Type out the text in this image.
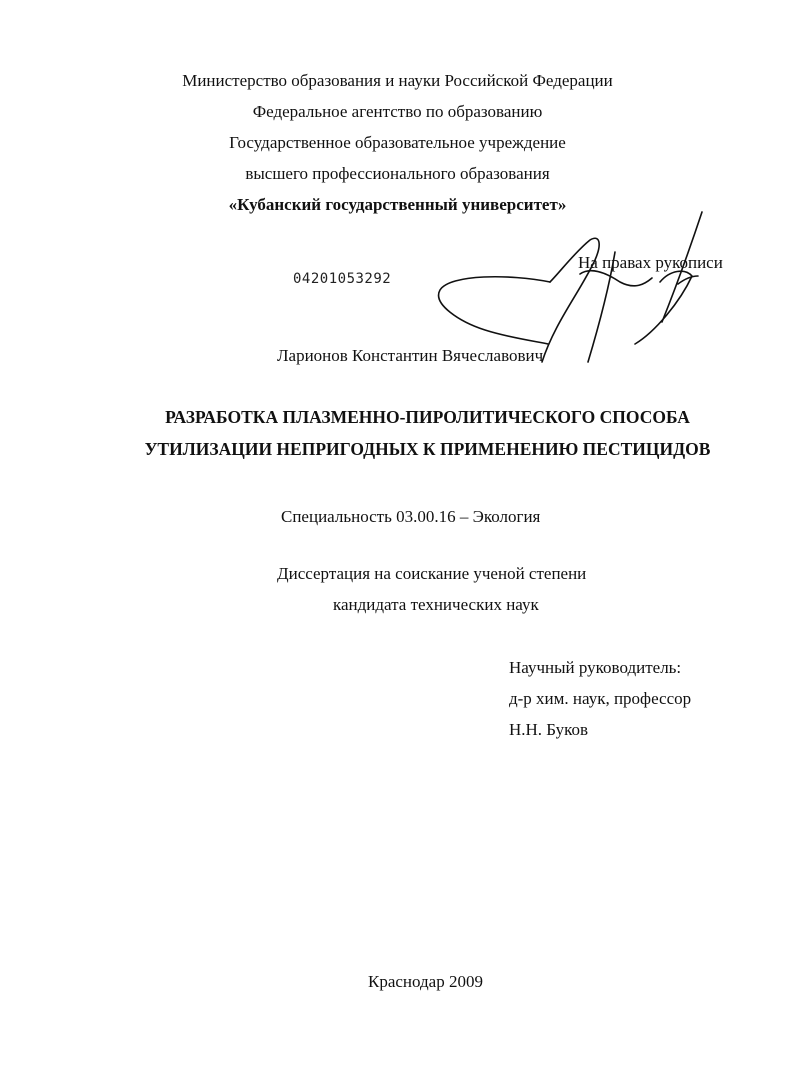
Министерство образования и науки Российской Федерации
Федеральное агентство по образованию
Государственное образовательное учреждение
высшего профессионального образования
«Кубанский государственный университет»
04201053292
На правах рукописи
Ларионов Константин Вячеславович
РАЗРАБОТКА ПЛАЗМЕННО-ПИРОЛИТИЧЕСКОГО СПОСОБА
УТИЛИЗАЦИИ НЕПРИГОДНЫХ К ПРИМЕНЕНИЮ ПЕСТИЦИДОВ
Специальность 03.00.16 – Экология
Диссертация на соискание ученой степени
кандидата технических наук
Научный руководитель:
д-р хим. наук, профессор
Н.Н. Буков
Краснодар 2009
